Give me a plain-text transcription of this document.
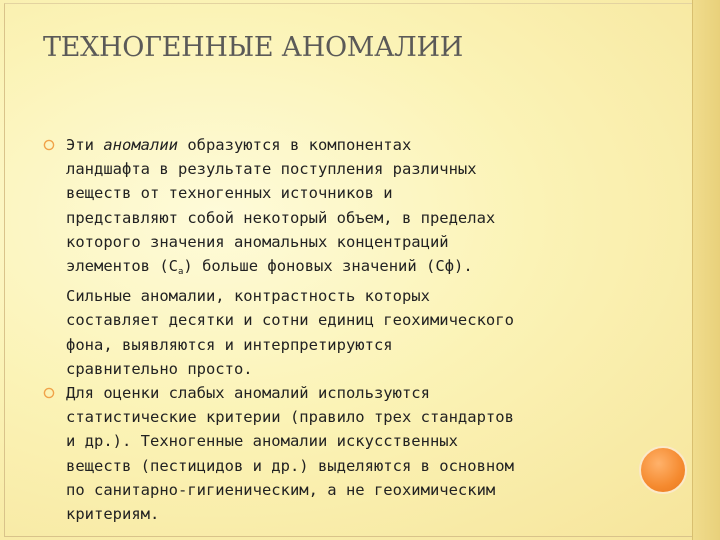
ТЕХНОГЕННЫЕ АНОМАЛИИ
Эти аномалии образуются в компонентах
ландшафта в результате поступления различных
веществ от техногенных источников и
представляют собой некоторый объем, в пределах
которого значения аномальных концентраций
элементов $(С_а)$ больше фоновых значений (Сф).
Сильные аномалии, контрастность которых
составляет десятки и сотни единиц геохимического
фона, выявляются и интерпретируются
сравнительно просто.
Для оценки слабых аномалий используются
статистические критерии (правило трех стандартов
и др.). Техногенные аномалии искусственных
веществ (пестицидов и др.) выделяются в основном
по санитарно-гигиеническим, а не геохимическим
критериям.
